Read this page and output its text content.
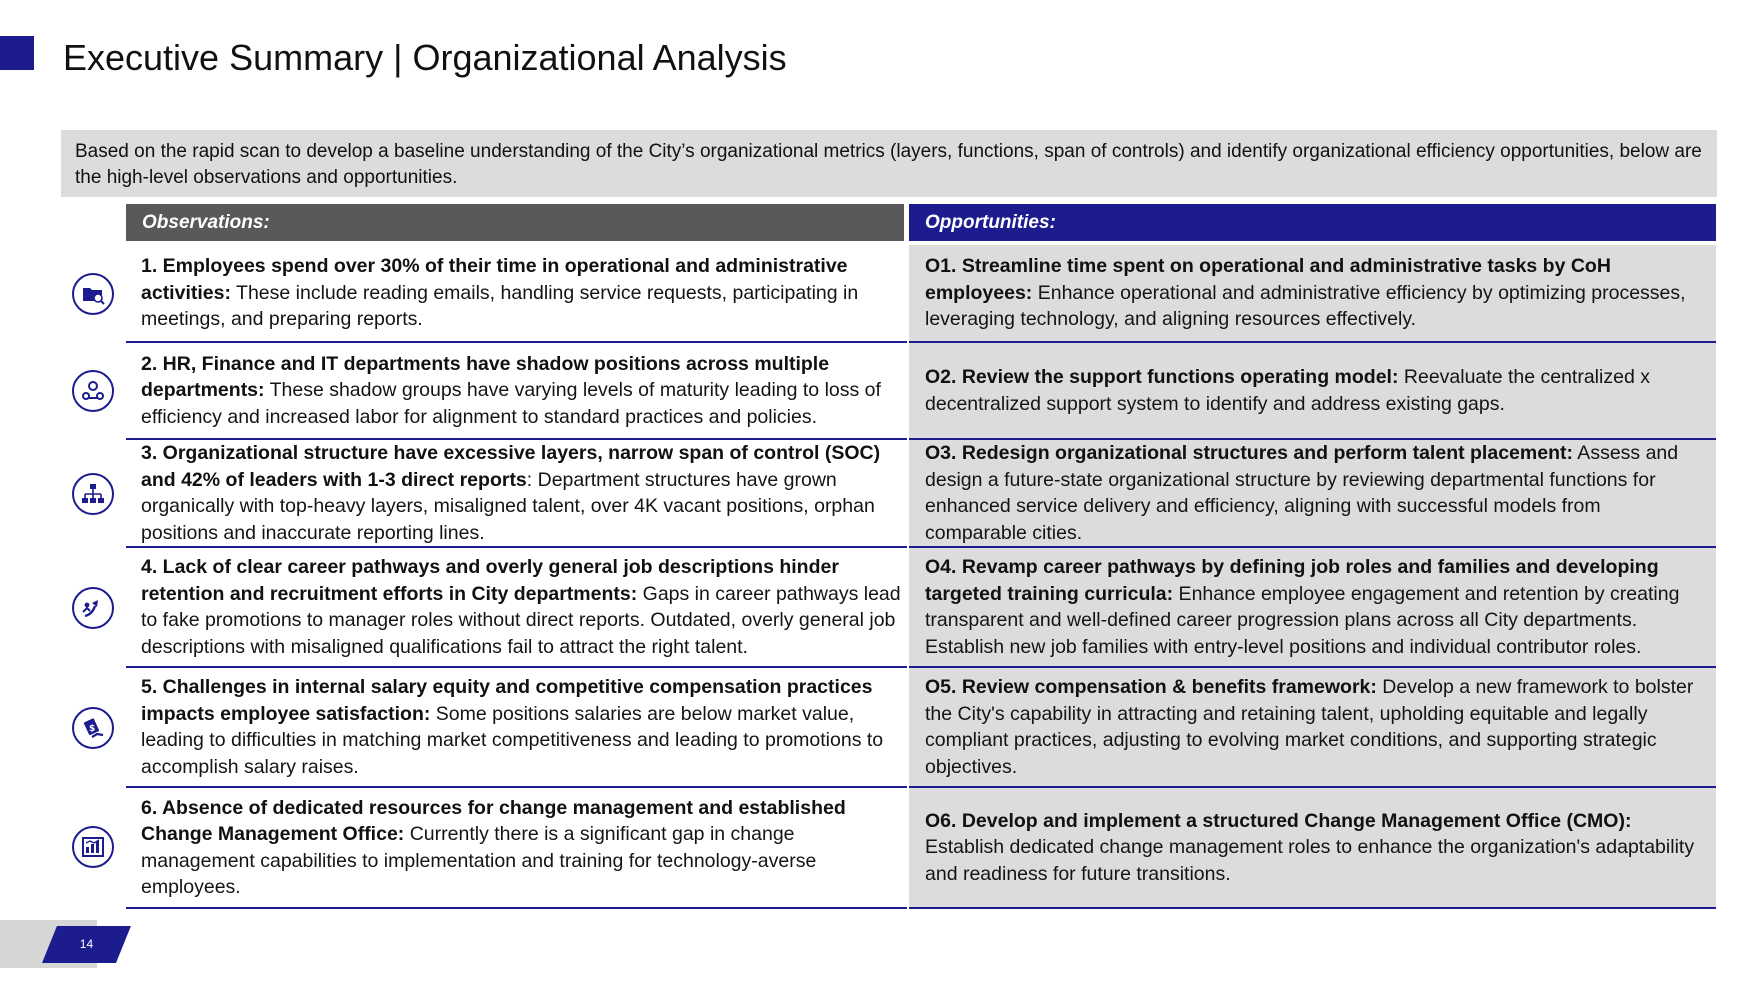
Executive Summary | Organizational Analysis
Based on the rapid scan to develop a baseline understanding of the City’s organizational metrics (layers, functions, span of controls) and identify organizational efficiency opportunities, below are the high-level observations and opportunities.
Observations:	Opportunities:
1. Employees spend over 30% of their time in operational and administrative activities: These include reading emails, handling service requests, participating in meetings, and preparing reports.
O1. Streamline time spent on operational and administrative tasks by CoH employees: Enhance operational and administrative efficiency by optimizing processes, leveraging technology, and aligning resources effectively.
2. HR, Finance and IT departments have shadow positions across multiple departments: These shadow groups have varying levels of maturity leading to loss of efficiency and increased labor for alignment to standard practices and policies.
O2. Review the support functions operating model: Reevaluate the centralized x decentralized support system to identify and address existing gaps.
3. Organizational structure have excessive layers, narrow span of control (SOC) and 42% of leaders with 1-3 direct reports: Department structures have grown organically with top-heavy layers, misaligned talent, over 4K vacant positions, orphan positions and inaccurate reporting lines.
O3. Redesign organizational structures and perform talent placement: Assess and design a future-state organizational structure by reviewing departmental functions for enhanced service delivery and efficiency, aligning with successful models from comparable cities.
4. Lack of clear career pathways and overly general job descriptions hinder retention and recruitment efforts in City departments: Gaps in career pathways lead to fake promotions to manager roles without direct reports. Outdated, overly general job descriptions with misaligned qualifications fail to attract the right talent.
O4. Revamp career pathways by defining job roles and families and developing targeted training curricula: Enhance employee engagement and retention by creating transparent and well-defined career progression plans across all City departments. Establish new job families with entry-level positions and individual contributor roles.
$
5. Challenges in internal salary equity and competitive compensation practices impacts employee satisfaction: Some positions salaries are below market value, leading to difficulties in matching market competitiveness and leading to promotions to accomplish salary raises.
O5. Review compensation & benefits framework: Develop a new framework to bolster the City's capability in attracting and retaining talent, upholding equitable and legally compliant practices, adjusting to evolving market conditions, and supporting strategic objectives.
6. Absence of dedicated resources for change management and established Change Management Office: Currently there is a significant gap in change management capabilities to implementation and training for technology-averse employees.
O6. Develop and implement a structured Change Management Office (CMO): Establish dedicated change management roles to enhance the organization's adaptability and readiness for future transitions.
14
